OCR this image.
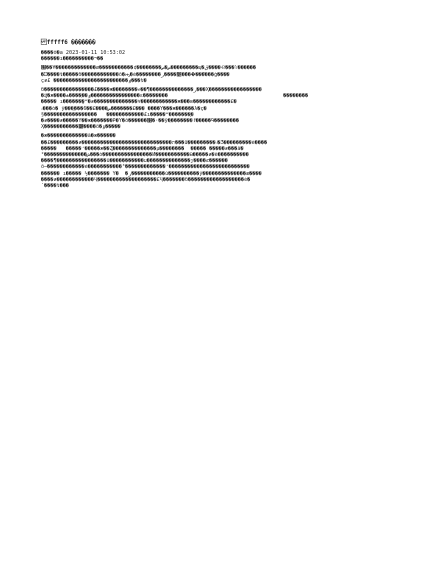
fffff6 �������
����ǒ�а 2023-01-11 10:53:02
������ı����������¬��
԰��¥�������������ø�����������¢��������ض�ص���������պ�ڨ����Ҽ���ݳ������
�Ĳ����ȶ�����б������������õ�ԣ�é��������׵����ر�ܶ���ܶ���֮���ġ����
çƶ£ ������������������������ٶ���ȶ�
б����������������£����ж��������ҽ��¶��������������ر���Ҳ�����������������
�ĳ�ж����±����ֵ��ٶ����������������ε��������                                     ��������
����� ı������̧�ʷ�ƶ��������������۷������������ж���в������������£�
˶���ȱ� ŷ���ֲ���ض����£��6�������£��� ����Ŷ���ж������λ�ç�
§�����������������   ������������£ı�����ʷ�������֣�
�ƶ����ƶ�����Ȳ��ж�������Բ�Ȳ�õ������׶�·��ȳ�ַ�������ٵ�����Գ��������
Ҳ�����������͹����ö�ݹ�����
�ж�������������ã�ж������
��£���������ƶ�����������������������������ת���û���������˵�Ʒ���������è����
�����   �����ʴ�����ж��Ȥ��������������µ��������  ����� �����ƶ���ã�
²��������������ش���ȱ����������������Ͷ�����������ӹ�����ƶ�ê����������
����¶����������������ü�����������ע��������������ȷ����ȼ������
õ̶������������é�����������³�������������ʴ��������������������������
������ ı����� ½������� Ŷ�  �ز�����������ú����������ŷ��������������æ����
����ƶ������������Ҷ�������������������£Ҷ�������б������������������è�
ʹ����ȶ���
